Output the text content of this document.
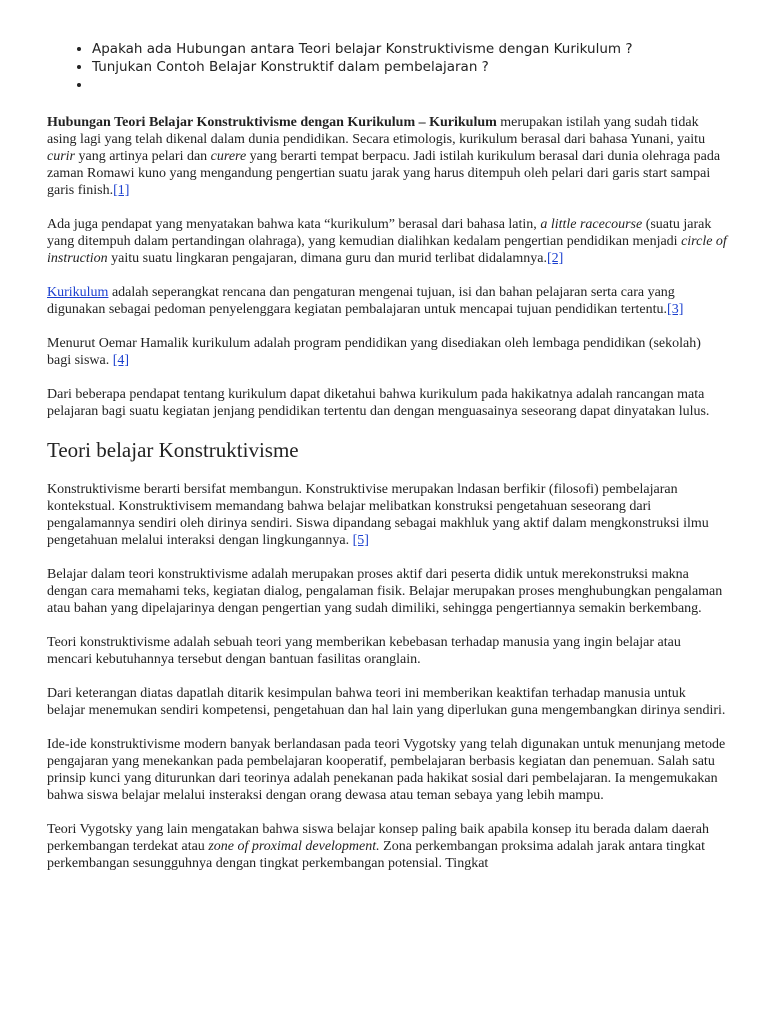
• Apakah ada Hubungan antara Teori belajar Konstruktivisme dengan Kurikulum ?
• Tunjukan Contoh Belajar Konstruktif dalam pembelajaran ?
•

Hubungan Teori Belajar Konstruktivisme dengan Kurikulum – Kurikulum merupakan istilah yang sudah tidak asing lagi yang telah dikenal dalam dunia pendidikan. Secara etimologis, kurikulum berasal dari bahasa Yunani, yaitu curir yang artinya pelari dan curere yang berarti tempat berpacu. Jadi istilah kurikulum berasal dari dunia olehraga pada zaman Romawi kuno yang mengandung pengertian suatu jarak yang harus ditempuh oleh pelari dari garis start sampai garis finish.[1]

Ada juga pendapat yang menyatakan bahwa kata “kurikulum” berasal dari bahasa latin, a little racecourse (suatu jarak yang ditempuh dalam pertandingan olahraga), yang kemudian dialihkan kedalam pengertian pendidikan menjadi circle of instruction yaitu suatu lingkaran pengajaran, dimana guru dan murid terlibat didalamnya.[2]

Kurikulum adalah seperangkat rencana dan pengaturan mengenai tujuan, isi dan bahan pelajaran serta cara yang digunakan sebagai pedoman penyelenggara kegiatan pembalajaran untuk mencapai tujuan pendidikan tertentu.[3]

Menurut Oemar Hamalik kurikulum adalah program pendidikan yang disediakan oleh lembaga pendidikan (sekolah) bagi siswa. [4]

Dari beberapa pendapat tentang kurikulum dapat diketahui bahwa kurikulum pada hakikatnya adalah rancangan mata pelajaran bagi suatu kegiatan jenjang pendidikan tertentu dan dengan menguasainya seseorang dapat dinyatakan lulus.

Teori belajar Konstruktivisme

Konstruktivisme berarti bersifat membangun. Konstruktivise merupakan lndasan berfikir (filosofi) pembelajaran kontekstual. Konstruktivisem memandang bahwa belajar melibatkan konstruksi pengetahuan seseorang dari pengalamannya sendiri oleh dirinya sendiri. Siswa dipandang sebagai makhluk yang aktif dalam mengkonstruksi ilmu pengetahuan melalui interaksi dengan lingkungannya. [5]

Belajar dalam teori konstruktivisme adalah merupakan proses aktif dari peserta didik untuk merekonstruksi makna dengan cara memahami teks, kegiatan dialog, pengalaman fisik. Belajar merupakan proses menghubungkan pengalaman atau bahan yang dipelajarinya dengan pengertian yang sudah dimiliki, sehingga pengertiannya semakin berkembang.

Teori konstruktivisme adalah sebuah teori yang memberikan kebebasan terhadap manusia yang ingin belajar atau mencari kebutuhannya tersebut dengan bantuan fasilitas oranglain.

Dari keterangan diatas dapatlah ditarik kesimpulan bahwa teori ini memberikan keaktifan terhadap manusia untuk belajar menemukan sendiri kompetensi, pengetahuan dan hal lain yang diperlukan guna mengembangkan dirinya sendiri.

Ide-ide konstruktivisme modern banyak berlandasan pada teori Vygotsky yang telah digunakan untuk menunjang metode pengajaran yang menekankan pada pembelajaran kooperatif, pembelajaran berbasis kegiatan dan penemuan. Salah satu prinsip kunci yang diturunkan dari teorinya adalah penekanan pada hakikat sosial dari pembelajaran. Ia mengemukakan bahwa siswa belajar melalui insteraksi dengan orang dewasa atau teman sebaya yang lebih mampu.

Teori Vygotsky yang lain mengatakan bahwa siswa belajar konsep paling baik apabila konsep itu berada dalam daerah perkembangan terdekat atau zone of proximal development. Zona perkembangan proksima adalah jarak antara tingkat perkembangan sesungguhnya dengan tingkat perkembangan potensial. Tingkat
